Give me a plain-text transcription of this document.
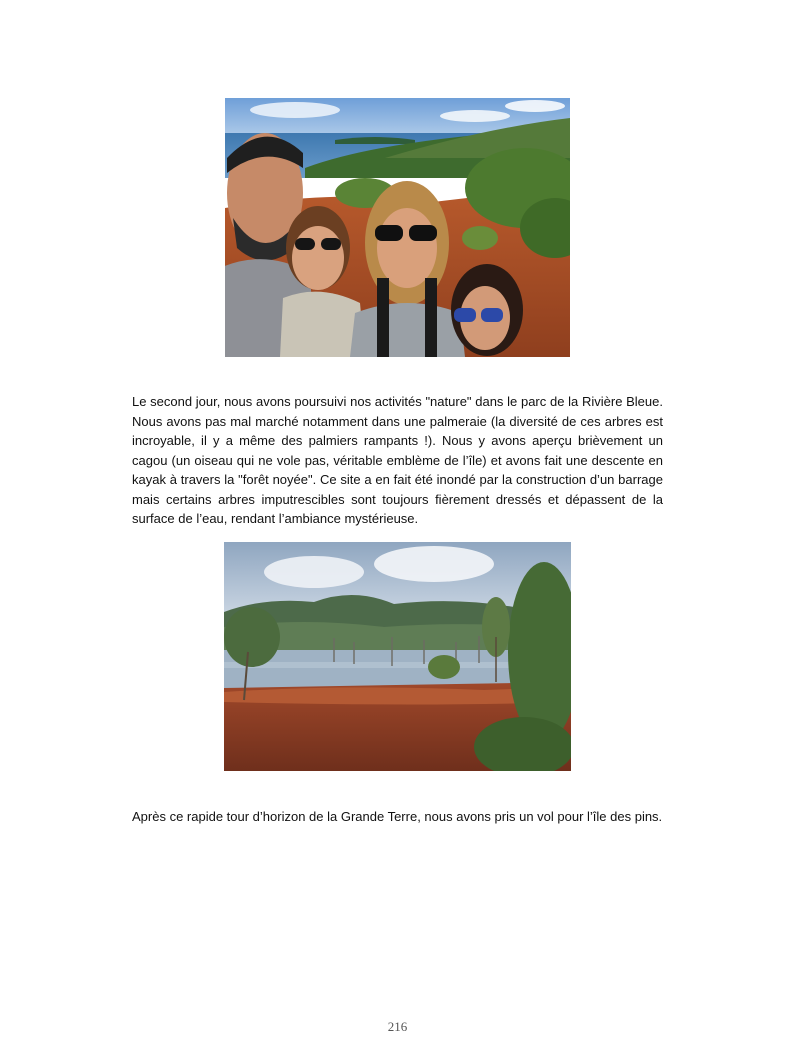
Le second jour, nous avons poursuivi nos activités "nature" dans le parc de la Rivière Bleue. Nous avons pas mal marché notamment dans une palmeraie (la diversité de ces arbres est incroyable, il y a même des palmiers rampants !). Nous y avons aperçu brièvement un cagou (un oiseau qui ne vole pas, véritable emblème de l’île) et avons fait une descente en kayak à travers la "forêt noyée". Ce site a en fait été inondé par la construction d’un barrage mais certains arbres imputrescibles sont toujours fièrement dressés et dépassent de la surface de l’eau, rendant l’ambiance mystérieuse.

Après ce rapide tour d’horizon de la Grande Terre, nous avons pris un vol pour l’île des pins.

216
